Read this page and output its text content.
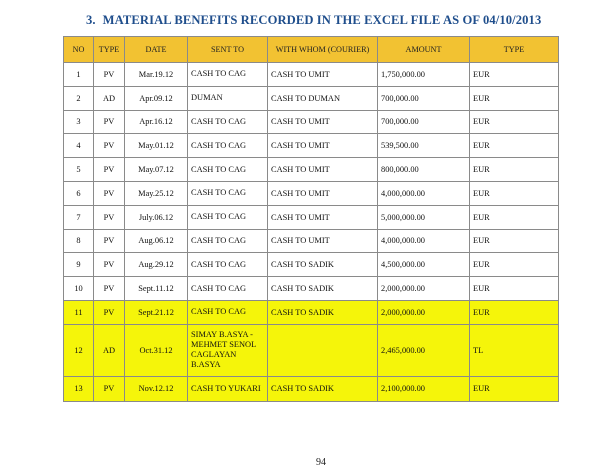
3. MATERIAL BENEFITS RECORDED IN THE EXCEL FILE AS OF 04/10/2013
NO	TYPE	DATE	SENT TO	WITH WHOM (COURIER)	AMOUNT	TYPE
1	PV	Mar.19.12	CASH TO CAG	CASH TO UMIT	1,750,000.00	EUR
2	AD	Apr.09.12	DUMAN	CASH TO DUMAN	700,000.00	EUR
3	PV	Apr.16.12	CASH TO CAG	CASH TO UMIT	700,000.00	EUR
4	PV	May.01.12	CASH TO CAG	CASH TO UMIT	539,500.00	EUR
5	PV	May.07.12	CASH TO CAG	CASH TO UMIT	800,000.00	EUR
6	PV	May.25.12	CASH TO CAG	CASH TO UMIT	4,000,000.00	EUR
7	PV	July.06.12	CASH TO CAG	CASH TO UMIT	5,000,000.00	EUR
8	PV	Aug.06.12	CASH TO CAG	CASH TO UMIT	4,000,000.00	EUR
9	PV	Aug.29.12	CASH TO CAG	CASH TO SADIK	4,500,000.00	EUR
10	PV	Sept.11.12	CASH TO CAG	CASH TO SADIK	2,000,000.00	EUR
11	PV	Sept.21.12	CASH TO CAG	CASH TO SADIK	2,000,000.00	EUR
12	AD	Oct.31.12	SIMAY B.ASYA - MEHMET SENOL CAGLAYAN B.ASYA		2,465,000.00	TL
13	PV	Nov.12.12	CASH TO YUKARI	CASH TO SADIK	2,100,000.00	EUR
94
